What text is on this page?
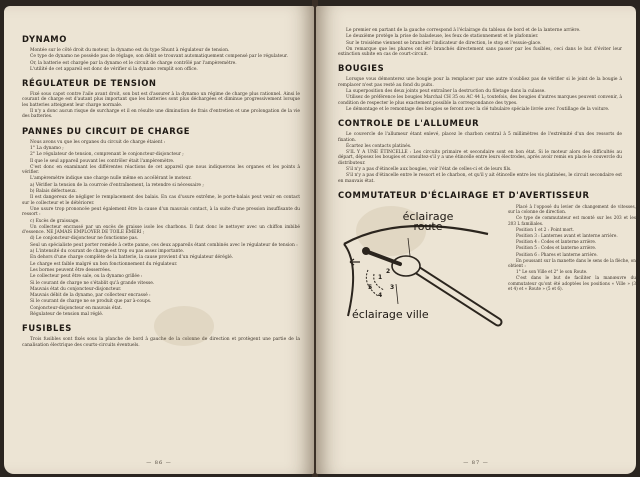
DYNAMO

Montée sur le côté droit du moteur, la dynamo est du type Shunt à régulateur de tension.

Ce type de dynamo ne possède pas de réglage, son débit se trouvant automatiquement compensé par le régulateur.

Or, la batterie est chargée par la dynamo et le circuit de charge contrôlé par l'ampèremètre.

L'utilité de cet appareil est donc de vérifier si la dynamo remplit son office.

RÉGULATEUR DE TENSION

Fixé sous capot contre l'aile avant droit, son but est d'assurer à la dynamo un régime de charge plus rationnel. Ainsi le courant de charge est d'autant plus important que les batteries sont plus déchargées et diminue progressivement lorsque les batteries atteignent leur charge normale.

Il n'y a donc aucun risque de surcharge et il en résulte une diminution de frais d'entretien et une prolongation de la vie des batteries.

PANNES DU CIRCUIT DE CHARGE

Nous avons vu que les organes du circuit de charge étaient :

1° La dynamo ;

2° Le régulateur de tension, comprenant le conjoncteur-disjoncteur ;

Il que le seul appareil pouvant les contrôler était l'ampèremètre.

C'est donc en examinant les différentes réactions de cet appareil que nous indiquerons les organes et les points à vérifier.

L'ampèremètre indique une charge nulle même en accélérant le moteur.

a) Vérifier la tension de la courroie d'entraînement, la retendre si nécessaire ;

b) Balais défectueux.

Il est dangereux de négliger le remplacement des balais. En cas d'usure extrême, le porte-balais peut venir en contact sur le collecteur et le détériorer.

Une usure trop prononcée peut également être la cause d'un mauvais contact, à la suite d'une pression insuffisante du ressort :

c) Excès de graissage.

Un collecteur encrassé par un excès de graisse isole les charbons. Il faut donc le nettoyer avec un chiffon imbibé d'essence. NE JAMAIS EMPLOYER DE TOILE ÉMERI ;

d) Le conjoncteur-disjoncteur ne fonctionne pas.

Seul un spécialiste peut porter remède à cette panne, ces deux appareils étant combinés avec le régulateur de tension :

a) L'intensité du courant de charge est trop ou pas assez importante.

En dehors d'une charge complète de la batterie, la cause provient d'un régulateur déréglé.

Le charge est faible malgré un bon fonctionnement du régulateur.

Les bornes peuvent être desserrées.

Le collecteur peut être sale, ou la dynamo grillée :

Si le courant de charge ne s'établit qu'à grande vitesse.

Mauvais état du conjoncteur-disjoncteur.

Mauvais débit de la dynamo, par collecteur encrassé :

Si le courant de charge ne se produit que par à-coups.

Conjoncteur-disjoncteur en mauvais état.

Régulateur de tension mal réglé.

FUSIBLES

Trois fusibles sont fixés sous la planche de bord à gauche de la colonne de direction et protègent une partie de la canalisation électrique des courts-circuits éventuels.

— 86 —

Le premier en partant de la gauche correspond à l'éclairage du tableau de bord et de la lanterne arrière.

Le deuxième protège la prise de baladeuse, les feux de stationnement et le plafonnier.

Sur le troisième viennent se brancher l'indicateur de direction, le stop et l'essuie-glace.

On remarque que les phares ont été branchés directement sans passer par les fusibles, ceci dans le but d'éviter leur extinction subite en cas de court-circuit.

BOUGIES

Lorsque vous démonterez une bougie pour la remplacer par une autre n'oubliez pas de vérifier si le joint de la bougie à remplacer n'est pas resté au fond du puits.

La superposition des deux joints peut entraîner la destruction du filetage dans la culasse.

Utilisez de préférence les bougies Marchal CH 35 ou AC 44 L; toutefois, des bougies d'autres marques peuvent convenir, à condition de respecter le plus exactement possible la correspondance des types.

Le démontage et le remontage des bougies se feront avec la clé tubulaire spéciale livrée avec l'outillage de la voiture.

CONTROLE DE L'ALLUMEUR

Le couvercle de l'allumeur étant enlevé, placez le charbon central à 5 millimètres de l'extrémité d'un des ressorts de fixation.

Écartez les contacts platinés.

S'IL Y A UNE ÉTINCELLE : Les circuits primaire et secondaire sont en bon état. Si le moteur alors des difficultés au départ, déposez les bougies et consultez-s'il y a une étincelle entre leurs électrodes, après avoir remis en place le couvercle du distributeur.

S'il n'y a pas d'étincelle aux bougies, voir l'état de celles-ci et de leurs fils.

S'il n'y a pas d'étincelle entre le ressort et le charbon, et qu'il y ait étincelle entre les vis platinées, le circuit secondaire est en mauvais état.

COMMUTATEUR D'ÉCLAIRAGE ET D'AVERTISSEUR
éclairage route
éclairage ville
1
2
3
4
5

Placé à l'opposé du levier de changement de vitesses, sur la colonne de direction.

Ce type de commutateur est monté sur les 203 et les 203 L familiales.

Position 1 et 2 : Point mort.

Position 3 : Lanternes avant et lanterne arrière.

Position 4 : Codes et lanterne arrière.

Position 5 : Codes et lanterne arrière.

Position 6 : Phares et lanterne arrière.

En poussant sur la manette dans le sens de la flèche, on obtient :

1° Le son Ville et 2° le son Route.

C'est dans le but de faciliter la manœuvre du commutateur qu'ont été adoptées les positions « Ville » (3 et 4) et « Route » (5 et 6).

— 87 —
